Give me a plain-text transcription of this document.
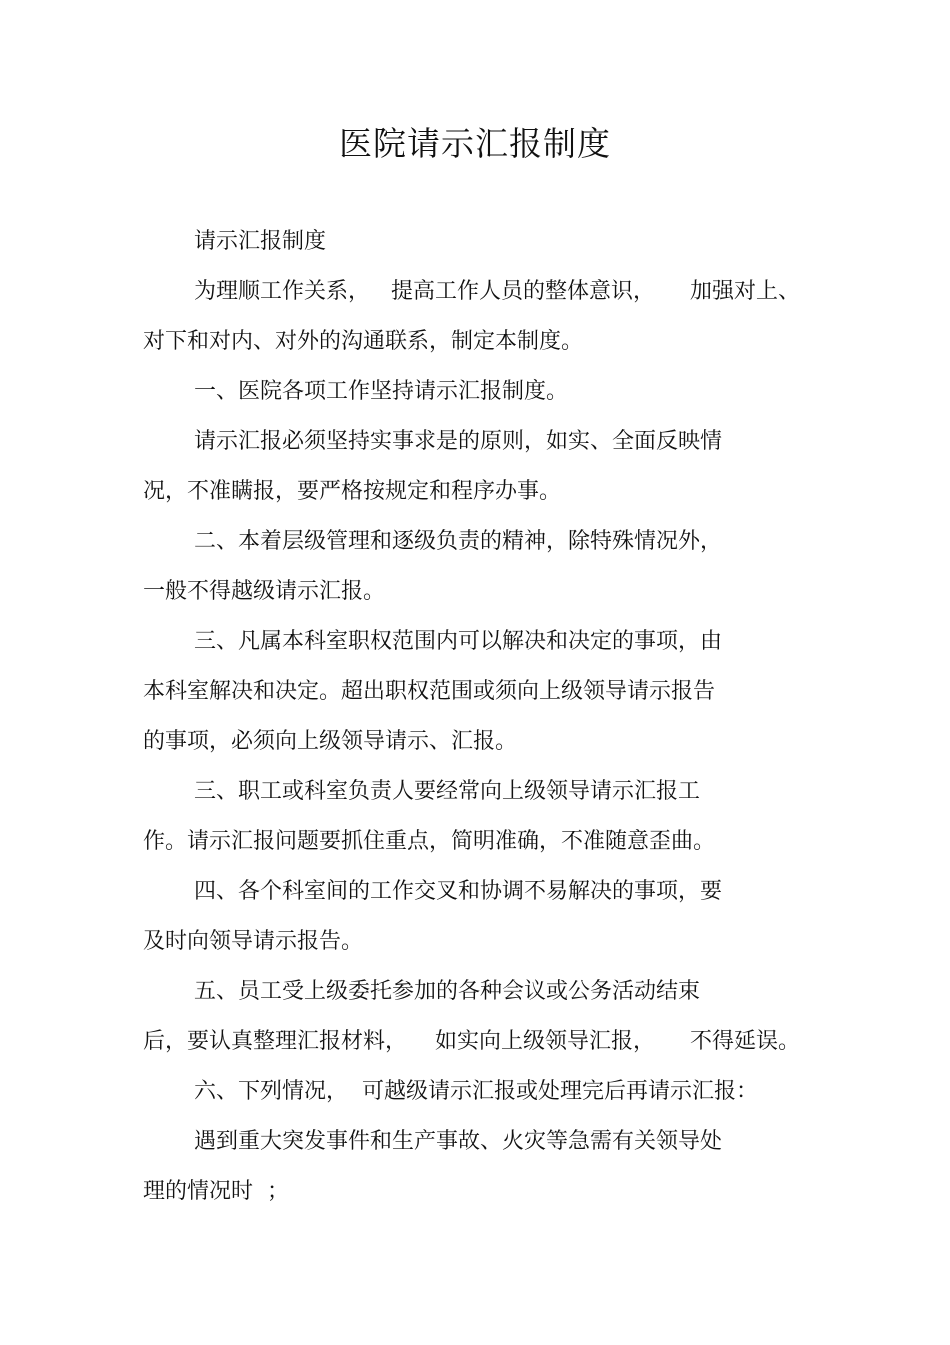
医院请示汇报制度
请示汇报制度
为理顺工作关系，   提高工作人员的整体意识，     加强对上、
对下和对内、对外的沟通联系，制定本制度。
一、医院各项工作坚持请示汇报制度。
请示汇报必须坚持实事求是的原则，如实、全面反映情
况，不准瞒报，要严格按规定和程序办事。
二、本着层级管理和逐级负责的精神，除特殊情况外，
一般不得越级请示汇报。
三、凡属本科室职权范围内可以解决和决定的事项，由
本科室解决和决定。超出职权范围或须向上级领导请示报告
的事项，必须向上级领导请示、汇报。
三、职工或科室负责人要经常向上级领导请示汇报工
作。请示汇报问题要抓住重点，简明准确，不准随意歪曲。
四、各个科室间的工作交叉和协调不易解决的事项，要
及时向领导请示报告。
五、员工受上级委托参加的各种会议或公务活动结束
后，要认真整理汇报材料，    如实向上级领导汇报，     不得延误。
六、下列情况，  可越级请示汇报或处理完后再请示汇报：
遇到重大突发事件和生产事故、火灾等急需有关领导处
理的情况时  ；
